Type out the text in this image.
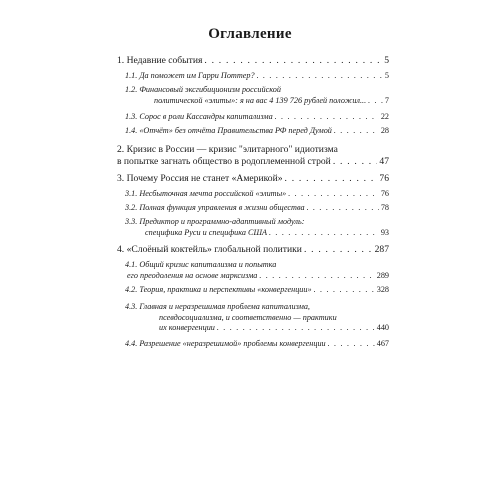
Оглавление
1. Недавние события . . .	5
1.1. Да поможет им Гарри Поттер? . . .	5
1.2. Финансовый эксгибиционизм российской
политической «элиты»: я на вас 4 139 726 рублей положил... . . . 7
1.3. Сорос в роли Кассандры капитализма . . .	22
1.4. «Отчёт» без отчёта Правительства РФ перед Думой . . .	28
2. Кризис в России — кризис "элитарного" идиотизма
в попытке загнать общество в родоплеменной строй . . .	47
3. Почему Россия не станет «Америкой» . . .	76
3.1. Несбыточная мечта российской «элиты» . . .	76
3.2. Полная функция управления в жизни общества . . .	78
3.3. Предиктор и программно-адаптивный модуль:
специфика Руси и специфика США . . .	93
4. «Слоёный коктейль» глобальной политики . . .	287
4.1. Общий кризис капитализма и попытка
его преодоления на основе марксизма . . .	289
4.2. Теория, практика и перспективы «конвергенции» . . .	328
4.3. Главная и неразрешимая проблема капитализма,
псевдосоциализма, и соответственно — практики
их конвергенции . . .	440
4.4. Разрешение «неразрешимой» проблемы конвергенции . . .	467
